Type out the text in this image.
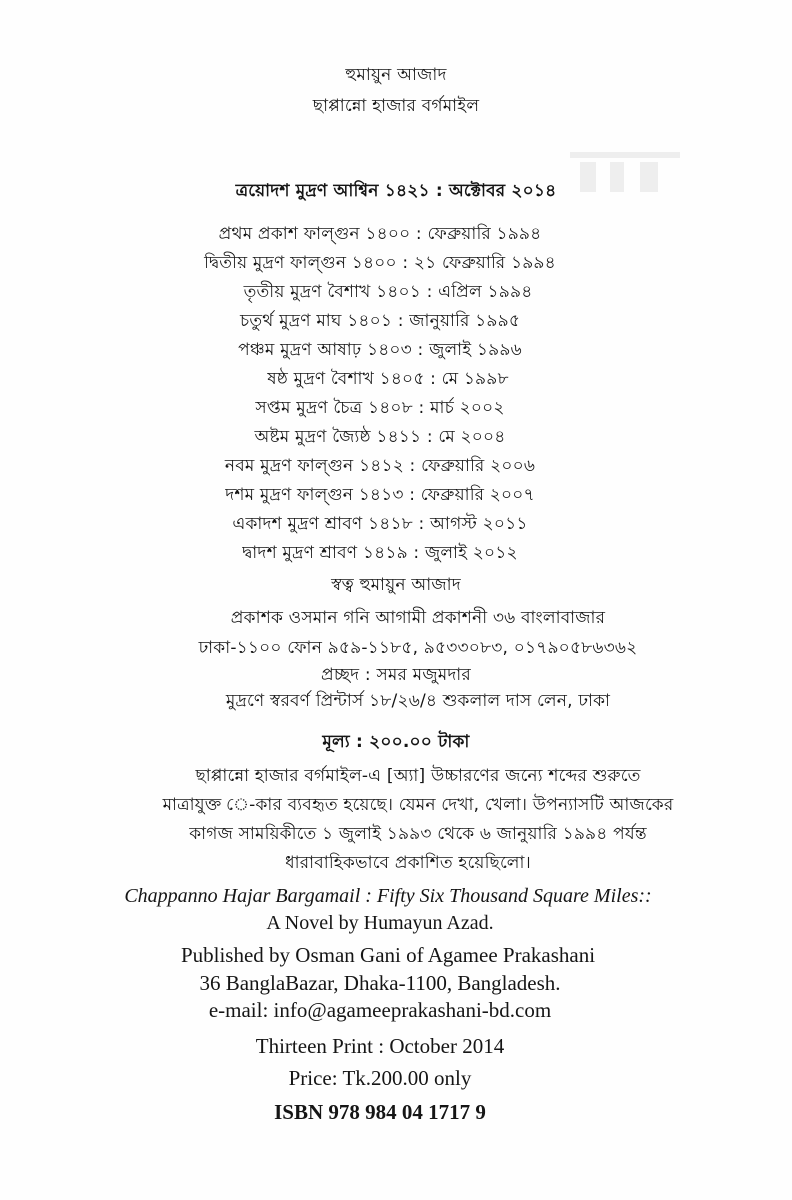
হুমায়ুন আজাদ
ছাপ্পান্নো হাজার বর্গমাইল
ত্রয়োদশ মুদ্রণ আশ্বিন ১৪২১ : অক্টোবর ২০১৪
প্রথম প্রকাশ ফাল্গুন ১৪০০ : ফেব্রুয়ারি ১৯৯৪
দ্বিতীয় মুদ্রণ ফাল্গুন ১৪০০ : ২১ ফেব্রুয়ারি ১৯৯৪
তৃতীয় মুদ্রণ বৈশাখ ১৪০১ : এপ্রিল ১৯৯৪
চতুর্থ মুদ্রণ মাঘ ১৪০১ : জানুয়ারি ১৯৯৫
পঞ্চম মুদ্রণ আষাঢ় ১৪০৩ : জুলাই ১৯৯৬
ষষ্ঠ মুদ্রণ বৈশাখ ১৪০৫ : মে ১৯৯৮
সপ্তম মুদ্রণ চৈত্র ১৪০৮ : মার্চ ২০০২
অষ্টম মুদ্রণ জ্যৈষ্ঠ ১৪১১ : মে ২০০৪
নবম মুদ্রণ ফাল্গুন ১৪১২ : ফেব্রুয়ারি ২০০৬
দশম মুদ্রণ ফাল্গুন ১৪১৩ : ফেব্রুয়ারি ২০০৭
একাদশ মুদ্রণ শ্রাবণ ১৪১৮ : আগস্ট ২০১১
দ্বাদশ মুদ্রণ শ্রাবণ ১৪১৯ : জুলাই ২০১২
স্বত্ব হুমায়ুন আজাদ
প্রকাশক ওসমান গনি আগামী প্রকাশনী ৩৬ বাংলাবাজার
ঢাকা-১১০০ ফোন ৯৫৯-১১৮৫, ৯৫৩৩০৮৩, ০১৭৯০৫৮৬৩৬২
প্রচ্ছদ : সমর মজুমদার
মুদ্রণে স্বরবর্ণ প্রিন্টার্স ১৮/২৬/৪ শুকলাল দাস লেন, ঢাকা
মূল্য : ২০০.০০ টাকা
ছাপ্পান্নো হাজার বর্গমাইল-এ [অ্যা] উচ্চারণের জন্যে শব্দের শুরুতে
মাত্রাযুক্ত ে-কার ব্যবহৃত হয়েছে। যেমন দেখা, খেলা। উপন্যাসটি আজকের
কাগজ সাময়িকীতে ১ জুলাই ১৯৯৩ থেকে ৬ জানুয়ারি ১৯৯৪ পর্যন্ত
ধারাবাহিকভাবে প্রকাশিত হয়েছিলো।
Chappanno Hajar Bargamail : Fifty Six Thousand Square Miles::
A Novel by Humayun Azad.
Published by Osman Gani of Agamee Prakashani
36 BanglaBazar, Dhaka-1100, Bangladesh.
e-mail: info@agameeprakashani-bd.com
Thirteen Print : October 2014
Price: Tk.200.00 only
ISBN 978 984 04 1717 9
